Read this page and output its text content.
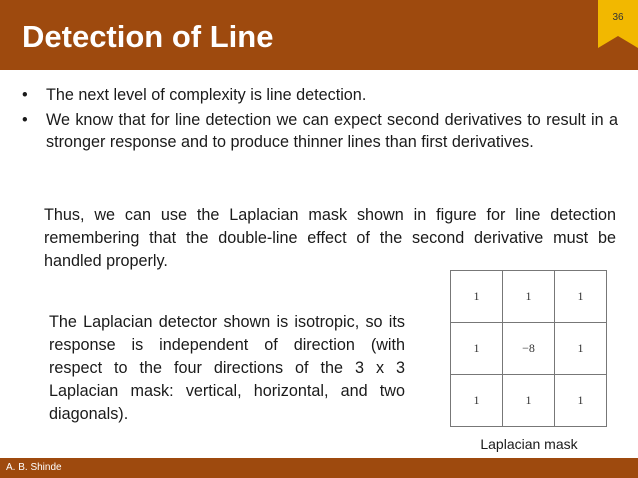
Detection of Line
36
• The next level of complexity is line detection.
• We know that for line detection we can expect second derivatives to result in a stronger response and to produce thinner lines than first derivatives.
Thus, we can use the Laplacian mask shown in figure for line detection remembering that the double-line effect of the second derivative must be handled properly.
The Laplacian detector shown is isotropic, so its response is independent of direction (with respect to the four directions of the 3 x 3 Laplacian mask: vertical, horizontal, and two diagonals).
1	1	1
1	−8	1
1	1	1
Laplacian mask
A. B. Shinde
